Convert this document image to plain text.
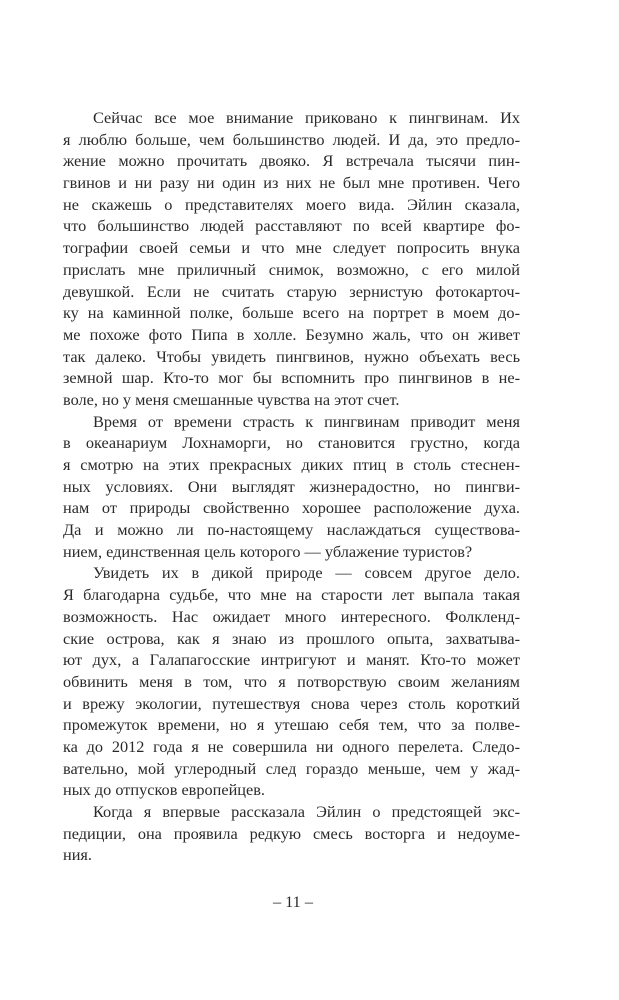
Сейчас все мое внимание приковано к пингвинам. Их
я люблю больше, чем большинство людей. И да, это предло-
жение можно прочитать двояко. Я встречала тысячи пин-
гвинов и ни разу ни один из них не был мне противен. Чего
не скажешь о представителях моего вида. Эйлин сказала,
что большинство людей расставляют по всей квартире фо-
тографии своей семьи и что мне следует попросить внука
прислать мне приличный снимок, возможно, с его милой
девушкой. Если не считать старую зернистую фотокарточ-
ку на каминной полке, больше всего на портрет в моем до-
ме похоже фото Пипа в холле. Безумно жаль, что он живет
так далеко. Чтобы увидеть пингвинов, нужно объехать весь
земной шар. Кто-то мог бы вспомнить про пингвинов в не-
воле, но у меня смешанные чувства на этот счет.
Время от времени страсть к пингвинам приводит меня
в океанариум Лохнаморги, но становится грустно, когда
я смотрю на этих прекрасных диких птиц в столь стеснен-
ных условиях. Они выглядят жизнерадостно, но пингви-
нам от природы свойственно хорошее расположение духа.
Да и можно ли по-настоящему наслаждаться существова-
нием, единственная цель которого — ублажение туристов?
Увидеть их в дикой природе — совсем другое дело.
Я благодарна судьбе, что мне на старости лет выпала такая
возможность. Нас ожидает много интересного. Фолкленд-
ские острова, как я знаю из прошлого опыта, захватыва-
ют дух, а Галапагосские интригуют и манят. Кто-то может
обвинить меня в том, что я потворствую своим желаниям
и врежу экологии, путешествуя снова через столь короткий
промежуток времени, но я утешаю себя тем, что за полве-
ка до 2012 года я не совершила ни одного перелета. Следо-
вательно, мой углеродный след гораздо меньше, чем у жад-
ных до отпусков европейцев.
Когда я впервые рассказала Эйлин о предстоящей экс-
педиции, она проявила редкую смесь восторга и недоуме-
ния.
– 11 –
